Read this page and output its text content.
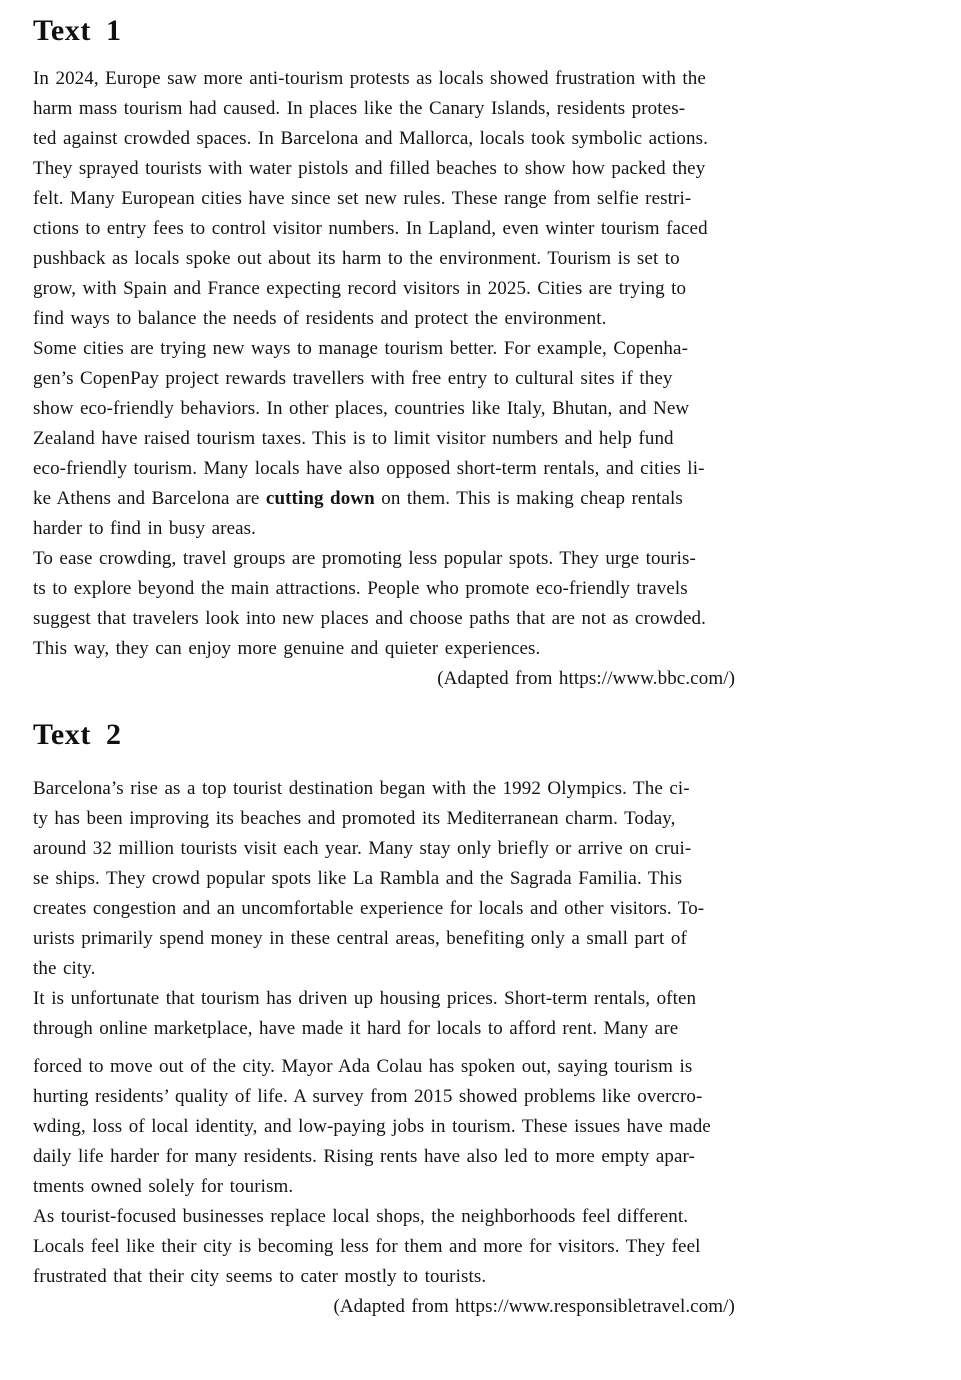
Text 1
In 2024, Europe saw more anti-tourism protests as locals showed frustration with the
harm mass tourism had caused. In places like the Canary Islands, residents protes-
ted against crowded spaces. In Barcelona and Mallorca, locals took symbolic actions.
They sprayed tourists with water pistols and filled beaches to show how packed they
felt. Many European cities have since set new rules. These range from selfie restri-
ctions to entry fees to control visitor numbers. In Lapland, even winter tourism faced
pushback as locals spoke out about its harm to the environment. Tourism is set to
grow, with Spain and France expecting record visitors in 2025. Cities are trying to
find ways to balance the needs of residents and protect the environment.
Some cities are trying new ways to manage tourism better. For example, Copenha-
gen’s CopenPay project rewards travellers with free entry to cultural sites if they
show eco-friendly behaviors. In other places, countries like Italy, Bhutan, and New
Zealand have raised tourism taxes. This is to limit visitor numbers and help fund
eco-friendly tourism. Many locals have also opposed short-term rentals, and cities li-
ke Athens and Barcelona are cutting down on them. This is making cheap rentals
harder to find in busy areas.
To ease crowding, travel groups are promoting less popular spots. They urge touris-
ts to explore beyond the main attractions. People who promote eco-friendly travels
suggest that travelers look into new places and choose paths that are not as crowded.
This way, they can enjoy more genuine and quieter experiences.
(Adapted from https://www.bbc.com/)
Text 2
Barcelona’s rise as a top tourist destination began with the 1992 Olympics. The ci-
ty has been improving its beaches and promoted its Mediterranean charm. Today,
around 32 million tourists visit each year. Many stay only briefly or arrive on crui-
se ships. They crowd popular spots like La Rambla and the Sagrada Familia. This
creates congestion and an uncomfortable experience for locals and other visitors. To-
urists primarily spend money in these central areas, benefiting only a small part of
the city.
It is unfortunate that tourism has driven up housing prices. Short-term rentals, often
through online marketplace, have made it hard for locals to afford rent. Many are
forced to move out of the city. Mayor Ada Colau has spoken out, saying tourism is
hurting residents’ quality of life. A survey from 2015 showed problems like overcro-
wding, loss of local identity, and low-paying jobs in tourism. These issues have made
daily life harder for many residents. Rising rents have also led to more empty apar-
tments owned solely for tourism.
As tourist-focused businesses replace local shops, the neighborhoods feel different.
Locals feel like their city is becoming less for them and more for visitors. They feel
frustrated that their city seems to cater mostly to tourists.
(Adapted from https://www.responsibletravel.com/)
